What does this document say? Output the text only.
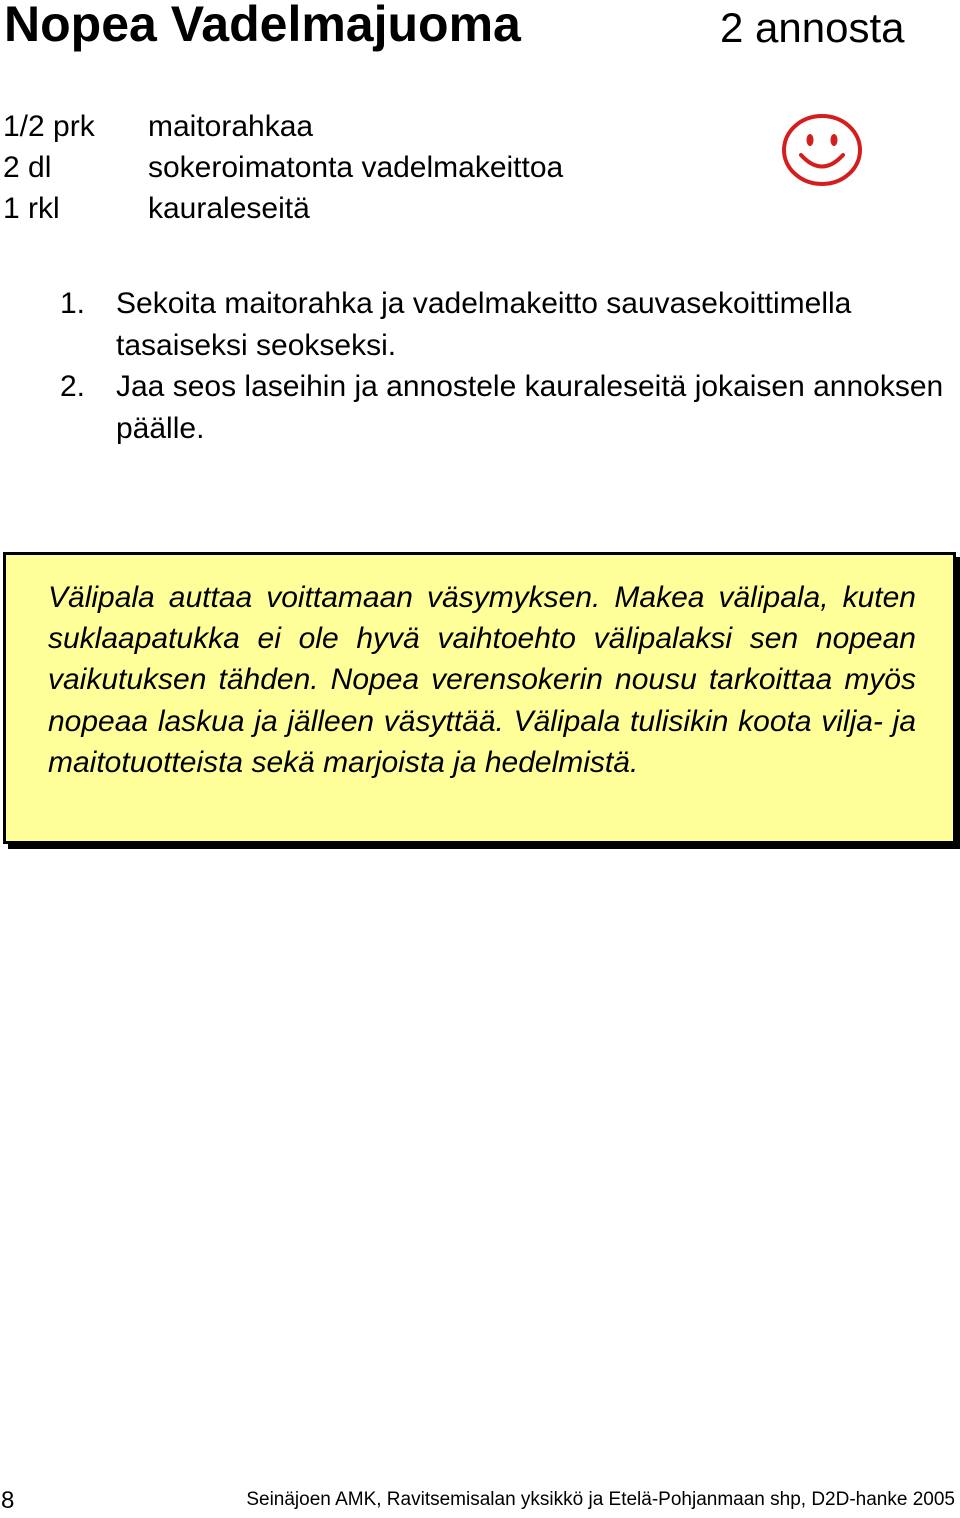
Nopea Vadelmajuoma	2 annosta
1/2 prk	maitorahkaa
2 dl	sokeroimatonta vadelmakeittoa
1 rkl	kauraleseitä
1.	Sekoita maitorahka ja vadelmakeitto sauvasekoittimella tasaiseksi seokseksi.
2.	Jaa seos laseihin ja annostele kauraleseitä jokaisen annoksen päälle.
Välipala auttaa voittamaan väsymyksen. Makea välipala, kuten suklaapatukka ei ole hyvä vaihtoehto välipalaksi sen nopean vaikutuksen tähden. Nopea verensokerin nousu tarkoittaa myös nopeaa laskua ja jälleen väsyttää. Välipala tulisikin koota vilja- ja maitotuotteista sekä marjoista ja hedelmistä.
8	Seinäjoen AMK, Ravitsemisalan yksikkö ja Etelä-Pohjanmaan shp, D2D-hanke 2005
